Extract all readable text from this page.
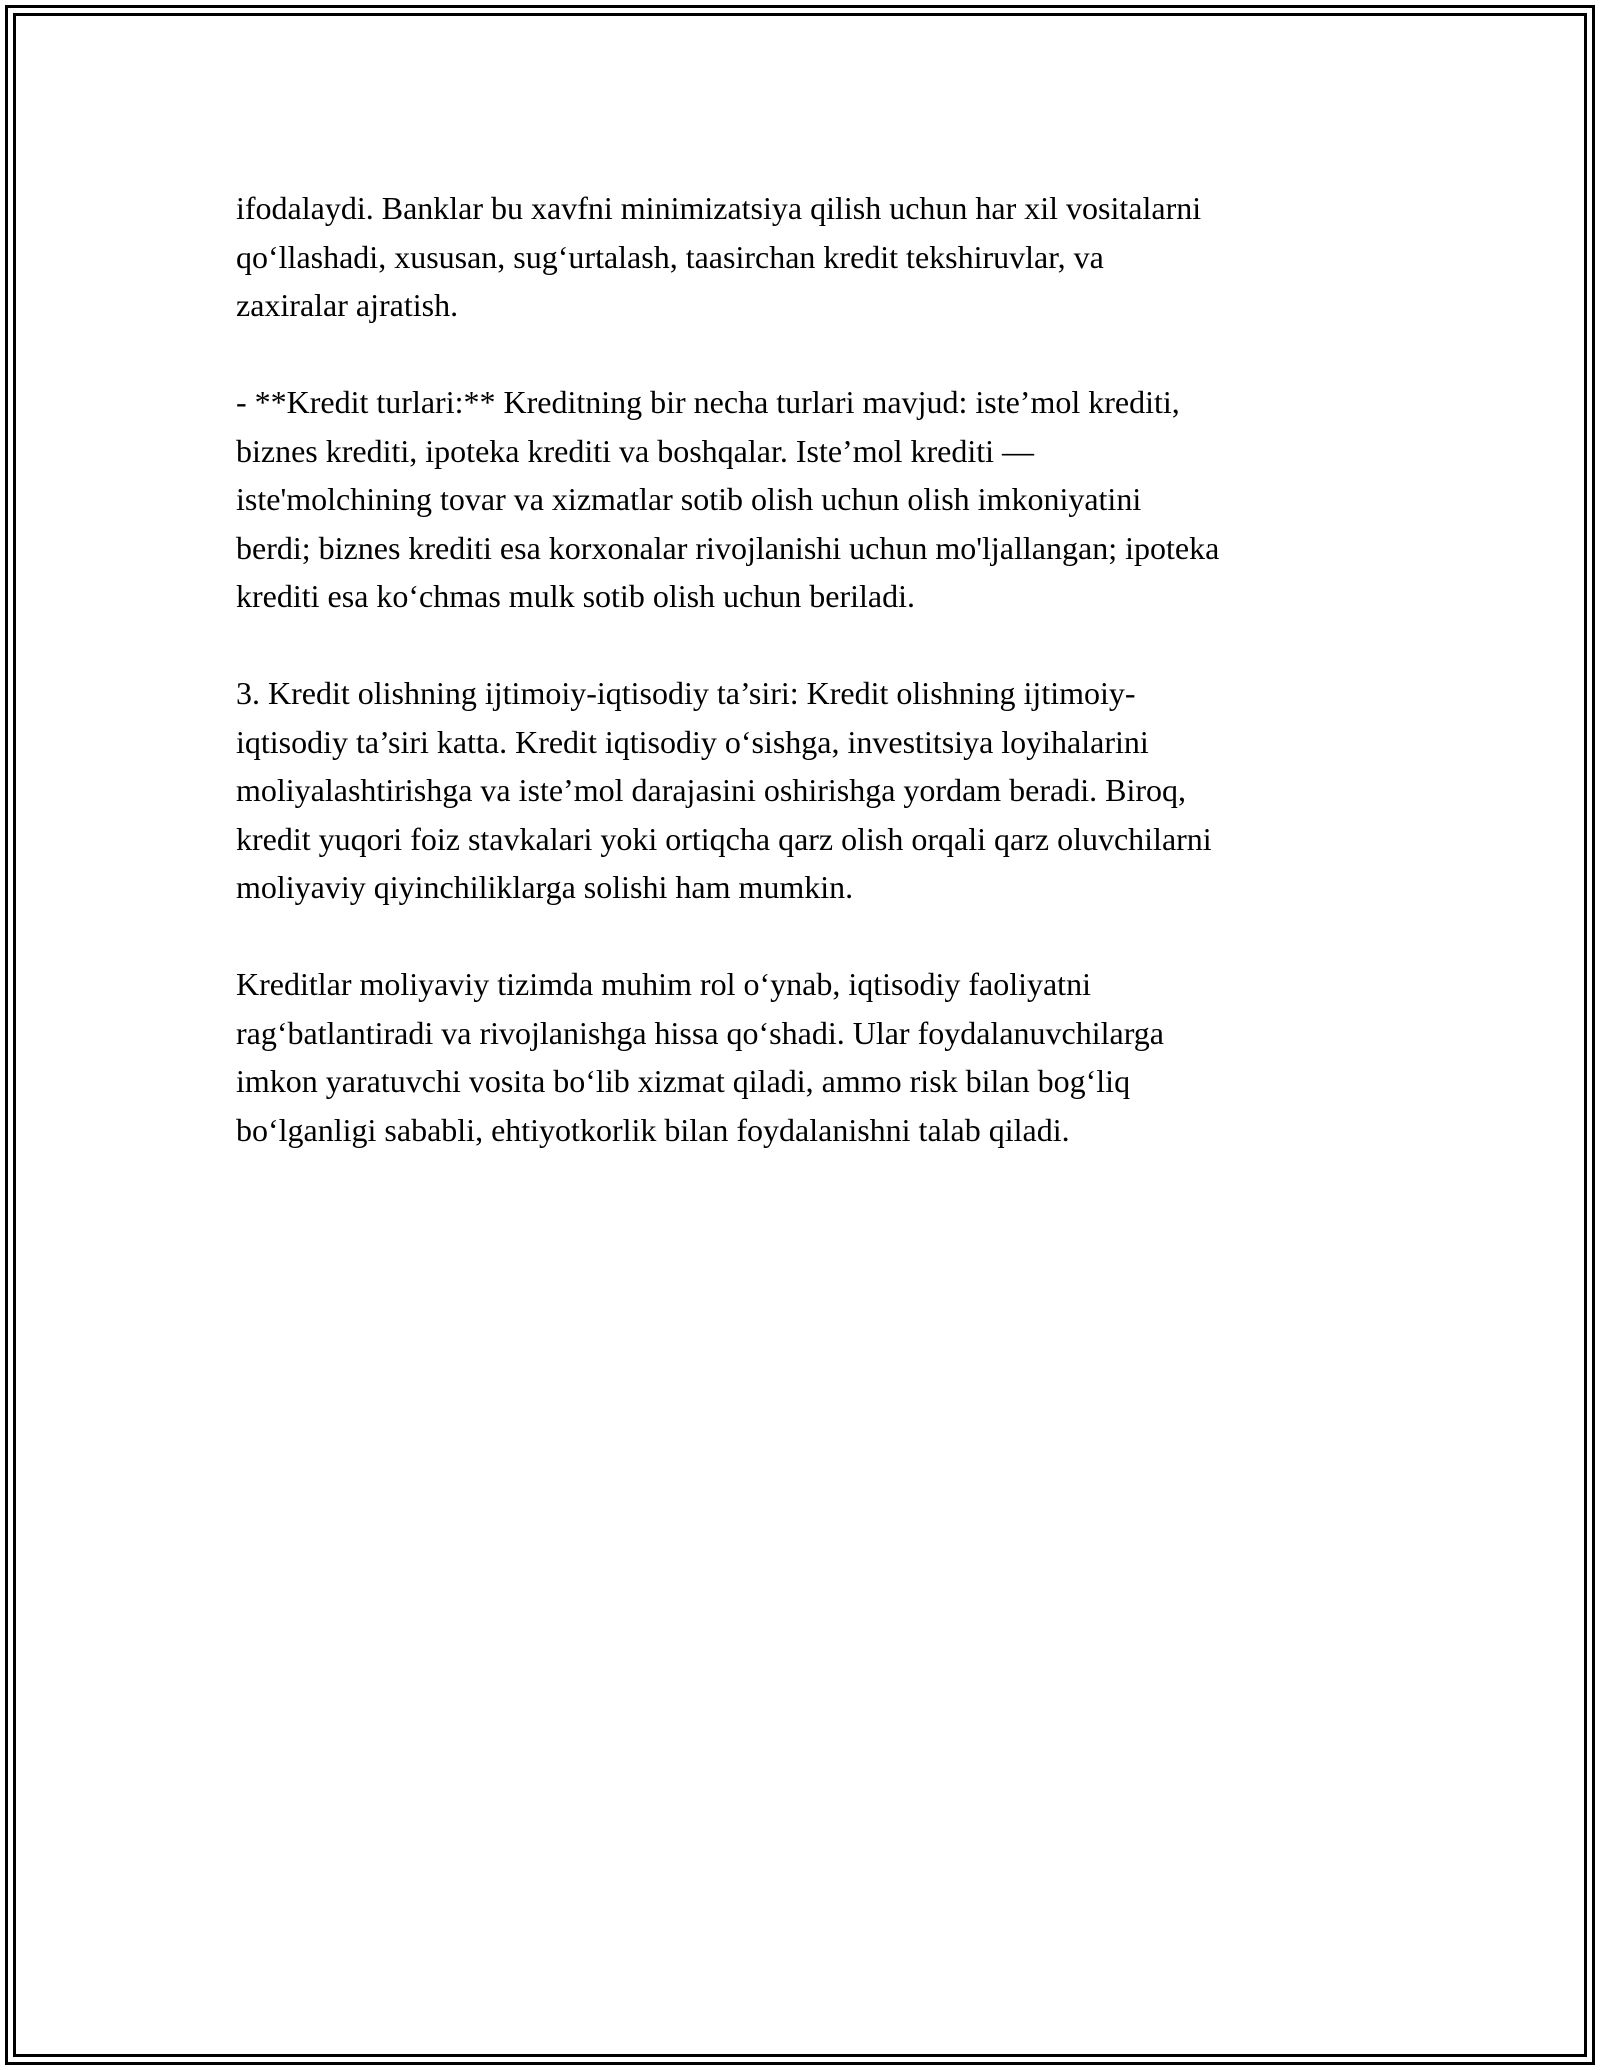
ifodalaydi. Banklar bu xavfni minimizatsiya qilish uchun har xil vositalarni
qo‘llashadi, xususan, sug‘urtalash, taasirchan kredit tekshiruvlar, va
zaxiralar ajratish.

- **Kredit turlari:** Kreditning bir necha turlari mavjud: iste’mol krediti,
biznes krediti, ipoteka krediti va boshqalar. Iste’mol krediti —
iste'molchining tovar va xizmatlar sotib olish uchun olish imkoniyatini
berdi; biznes krediti esa korxonalar rivojlanishi uchun mo'ljallangan; ipoteka
krediti esa ko‘chmas mulk sotib olish uchun beriladi.

3. Kredit olishning ijtimoiy-iqtisodiy ta’siri: Kredit olishning ijtimoiy-
iqtisodiy ta’siri katta. Kredit iqtisodiy o‘sishga, investitsiya loyihalarini
moliyalashtirishga va iste’mol darajasini oshirishga yordam beradi. Biroq,
kredit yuqori foiz stavkalari yoki ortiqcha qarz olish orqali qarz oluvchilarni
moliyaviy qiyinchiliklarga solishi ham mumkin.

Kreditlar moliyaviy tizimda muhim rol o‘ynab, iqtisodiy faoliyatni
rag‘batlantiradi va rivojlanishga hissa qo‘shadi. Ular foydalanuvchilarga
imkon yaratuvchi vosita bo‘lib xizmat qiladi, ammo risk bilan bog‘liq
bo‘lganligi sababli, ehtiyotkorlik bilan foydalanishni talab qiladi.
